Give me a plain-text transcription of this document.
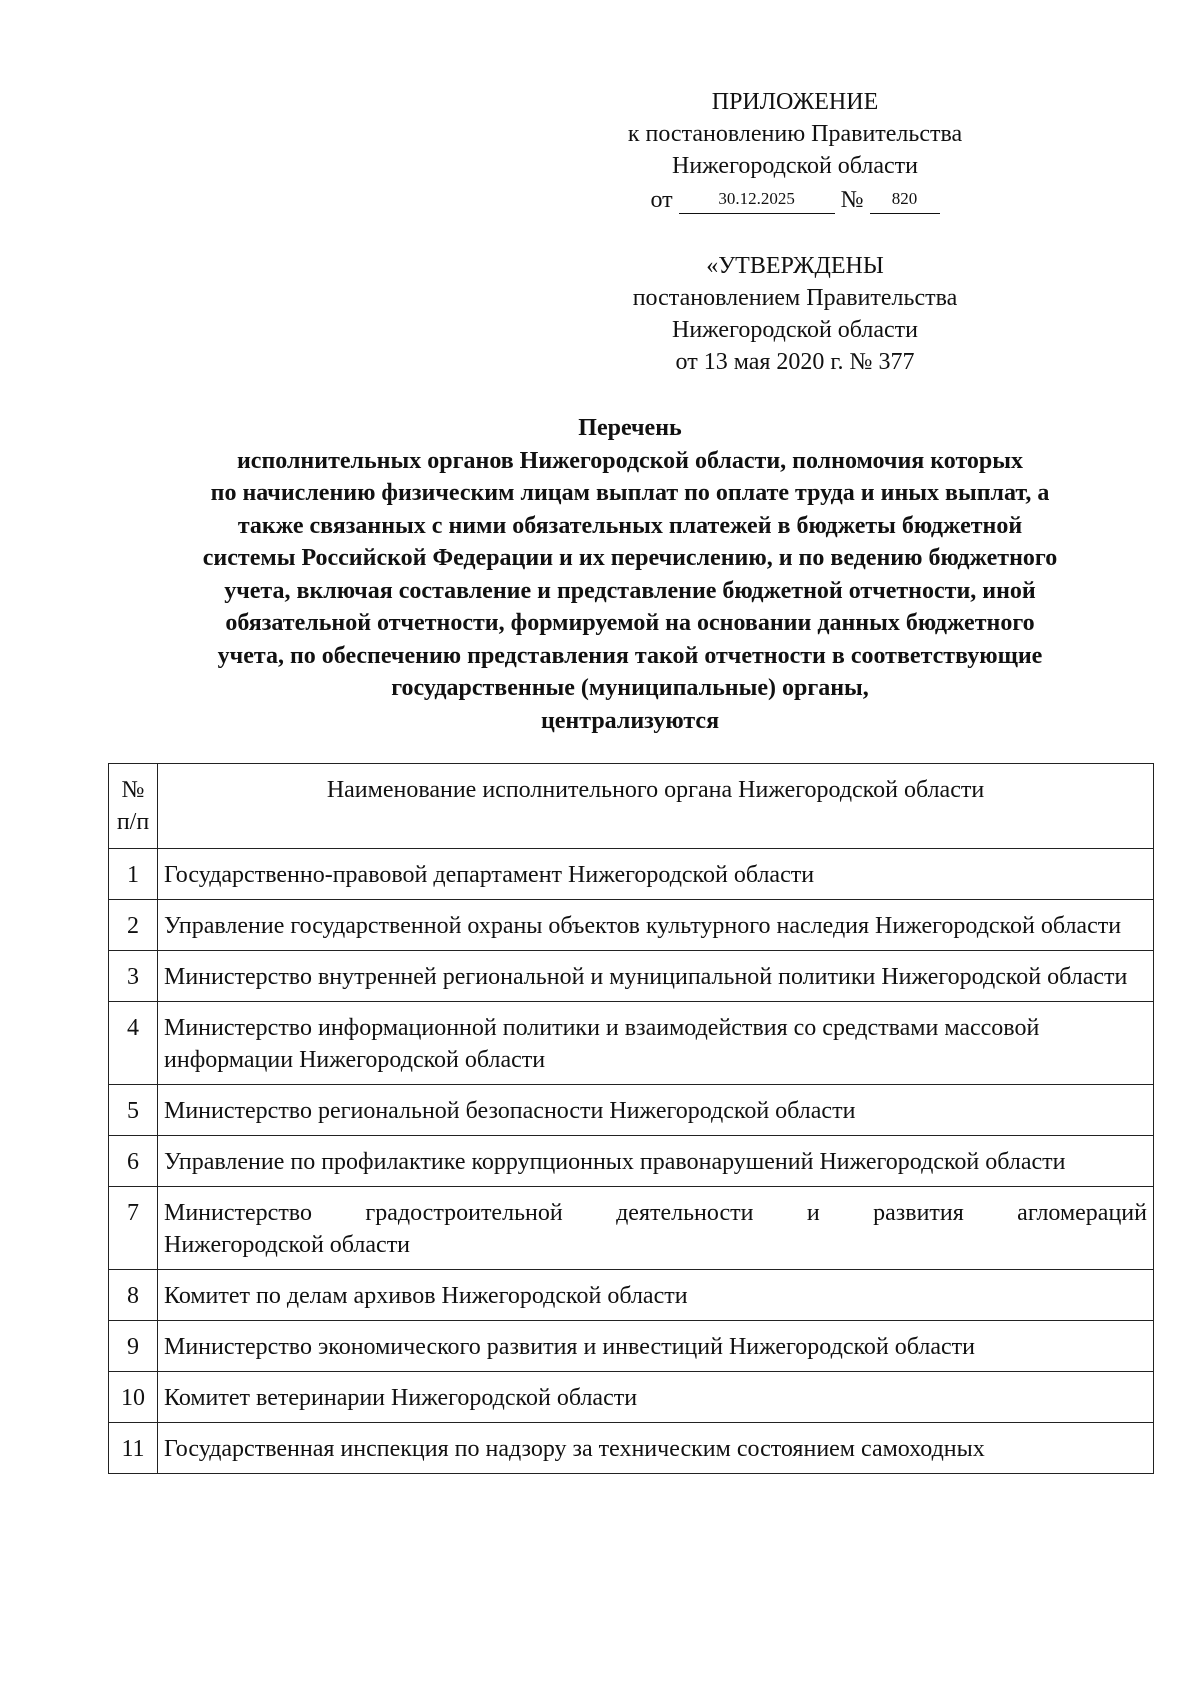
ПРИЛОЖЕНИЕ
к постановлению Правительства
Нижегородской области
от	30.12.2025	№	820
«УТВЕРЖДЕНЫ
постановлением Правительства
Нижегородской области
от 13 мая 2020 г. № 377
Перечень
исполнительных органов Нижегородской области, полномочия которых
по начислению физическим лицам выплат по оплате труда и иных выплат, а
также связанных с ними обязательных платежей в бюджеты бюджетной
системы Российской Федерации и их перечислению, и по ведению бюджетного
учета, включая составление и представление бюджетной отчетности, иной
обязательной отчетности, формируемой на основании данных бюджетного
учета, по обеспечению представления такой отчетности в соответствующие
государственные (муниципальные) органы,
централизуются
№
п/п	Наименование исполнительного органа Нижегородской области
1	Государственно-правовой департамент Нижегородской области
2	Управление государственной охраны объектов культурного наследия Нижегородской области
3	Министерство внутренней региональной и муниципальной политики Нижегородской области
4	Министерство информационной политики и взаимодействия со средствами массовой информации Нижегородской области
5	Министерство региональной безопасности Нижегородской области
6	Управление по профилактике коррупционных правонарушений Нижегородской области
7	Министерство градостроительной деятельности и развития агломераций
Нижегородской области
8	Комитет по делам архивов Нижегородской области
9	Министерство экономического развития и инвестиций Нижегородской области
10	Комитет ветеринарии Нижегородской области
11	Государственная инспекция по надзору за техническим состоянием самоходных
